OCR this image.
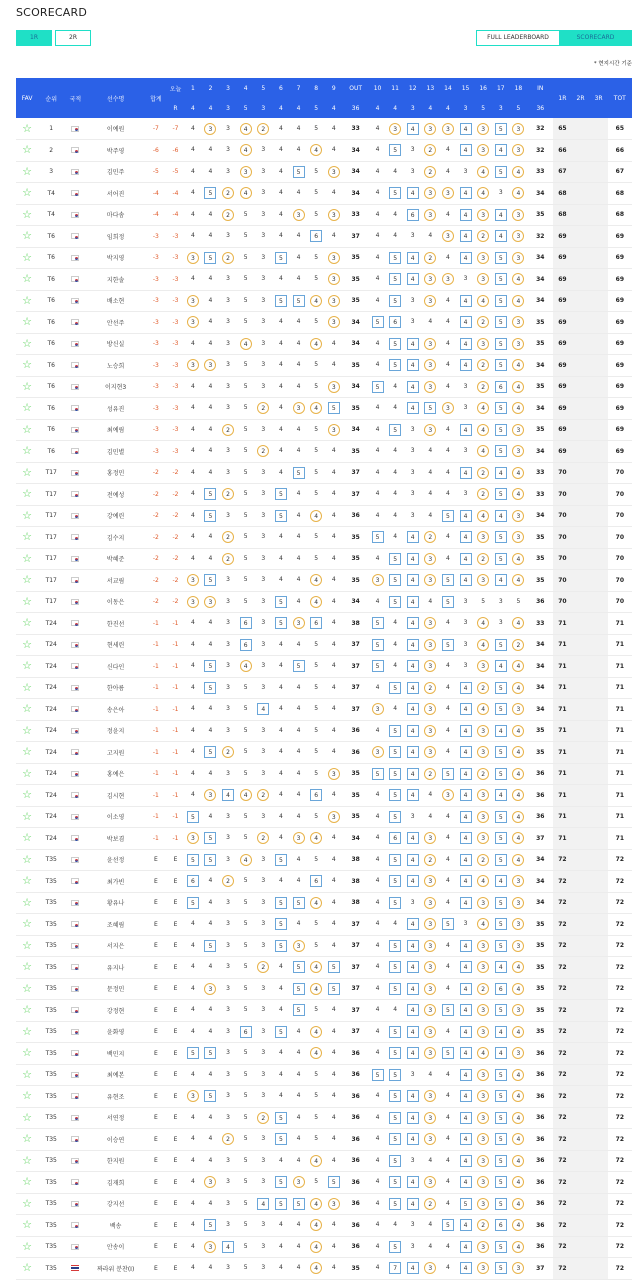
SCORECARD
1R	2R	FULL LEADERBOARD	SCORECARD
* 현지시간 기준
FAV	순위	국적	선수명	합계	오늘	1	2	3	4	5	6	7	8	9	OUT	10	11	12	13	14	15	16	17	18	IN	1R	2R	3R	TOT
					R	4	4	3	5	3	4	4	5	4	36	4	4	3	4	4	3	5	3	5	36				
☆	1		이예원	-7	-7	4	3	3	4	2	4	4	5	4	33	4	3	4	3	3	4	3	5	3	32	65			65
☆	2		박주영	-6	-6	4	4	3	4	3	4	4	4	4	34	4	5	3	2	4	4	3	4	3	32	66			66
☆	3		김민주	-5	-5	4	4	3	3	3	4	5	5	3	34	4	4	3	2	4	3	4	5	4	33	67			67
☆	T4		서어진	-4	-4	4	5	2	4	3	4	4	5	4	34	4	5	4	3	3	4	4	3	4	34	68			68
☆	T4		마다솜	-4	-4	4	4	2	5	3	4	3	5	3	33	4	4	6	3	4	4	3	4	3	35	68			68
☆	T6		임희정	-3	-3	4	4	3	5	3	4	4	6	4	37	4	4	3	4	3	4	2	4	3	32	69			69
☆	T6		박지영	-3	-3	3	5	2	5	3	5	4	5	3	35	4	5	4	2	4	4	3	5	3	34	69			69
☆	T6		지한솔	-3	-3	4	4	3	5	3	4	4	5	3	35	4	5	4	3	3	3	3	5	4	34	69			69
☆	T6		배소현	-3	-3	3	4	3	5	3	5	5	4	3	35	4	5	3	3	4	4	4	5	4	34	69			69
☆	T6		안선주	-3	-3	3	4	3	5	3	4	4	5	3	34	5	6	3	4	4	4	2	5	3	35	69			69
☆	T6		방신실	-3	-3	4	4	3	4	3	4	4	4	4	34	4	5	4	3	4	4	3	5	3	35	69			69
☆	T6		노승희	-3	-3	3	3	3	5	3	4	4	5	4	35	4	5	4	3	4	4	2	5	4	34	69			69
☆	T6		이지현3	-3	-3	4	4	3	5	3	4	4	5	3	34	5	4	4	3	4	3	2	6	4	35	69			69
☆	T6		성유진	-3	-3	4	4	3	5	2	4	3	4	5	35	4	4	4	5	3	3	4	5	4	34	69			69
☆	T6		최예림	-3	-3	4	4	2	5	3	4	4	5	3	34	4	5	3	3	4	4	4	5	3	35	69			69
☆	T6		김민별	-3	-3	4	4	3	5	2	4	4	5	4	35	4	4	3	4	4	3	4	5	3	34	69			69
☆	T17		홍정민	-2	-2	4	4	3	5	3	4	5	5	4	37	4	4	3	4	4	4	2	4	4	33	70			70
☆	T17		전예성	-2	-2	4	5	2	5	3	5	4	5	4	37	4	4	3	4	4	3	2	5	4	33	70			70
☆	T17		강예린	-2	-2	4	5	3	5	3	5	4	4	4	36	4	4	3	4	5	4	4	4	3	34	70			70
☆	T17		김수지	-2	-2	4	4	2	5	3	4	4	5	4	35	5	4	4	2	4	4	3	5	3	35	70			70
☆	T17		박혜준	-2	-2	4	4	2	5	3	4	4	5	4	35	4	5	4	3	4	4	2	5	4	35	70			70
☆	T17		서교림	-2	-2	3	5	3	5	3	4	4	4	4	35	3	5	4	3	5	4	3	4	4	35	70			70
☆	T17		이동은	-2	-2	3	3	3	5	3	5	4	4	4	34	4	5	4	4	5	3	5	3	5	36	70			70
☆	T24		한진선	-1	-1	4	4	3	6	3	5	3	6	4	38	5	4	4	3	4	3	4	3	4	33	71			71
☆	T24		현세린	-1	-1	4	4	3	6	3	4	4	5	4	37	5	4	4	3	5	3	4	5	2	34	71			71
☆	T24		신다인	-1	-1	4	5	3	4	3	4	5	5	4	37	5	4	4	3	4	3	3	4	4	34	71			71
☆	T24		한아름	-1	-1	4	5	3	5	3	4	4	5	4	37	4	5	4	2	4	4	2	5	4	34	71			71
☆	T24		송은아	-1	-1	4	4	3	5	4	4	4	5	4	37	3	4	4	3	4	4	4	5	3	34	71			71
☆	T24		정윤지	-1	-1	4	4	3	5	3	4	4	5	4	36	4	5	4	3	4	4	3	4	4	35	71			71
☆	T24		고지원	-1	-1	4	5	2	5	3	4	4	5	4	36	3	5	4	3	4	4	3	5	4	35	71			71
☆	T24		홍예은	-1	-1	4	4	3	5	3	4	4	5	3	35	5	5	4	2	5	4	2	5	4	36	71			71
☆	T24		김시현	-1	-1	4	3	4	4	2	4	4	6	4	35	4	5	4	4	3	4	3	4	4	36	71			71
☆	T24		이소영	-1	-1	5	4	3	5	3	4	4	5	3	35	4	5	3	4	4	4	3	5	4	36	71			71
☆	T24		박보겸	-1	-1	3	5	3	5	2	4	3	4	4	34	4	6	4	3	4	4	3	5	4	37	71			71
☆	T35		윤선정	E	E	5	5	3	4	3	5	4	5	4	38	4	5	4	2	4	4	2	5	4	34	72			72
☆	T35		최가빈	E	E	6	4	2	5	3	4	4	6	4	38	4	5	4	3	4	4	4	4	3	34	72			72
☆	T35		황유나	E	E	5	4	3	5	3	5	5	4	4	38	4	5	3	3	4	4	3	5	3	34	72			72
☆	T35		조혜림	E	E	4	4	3	5	3	5	4	5	4	37	4	4	4	3	5	3	4	5	3	35	72			72
☆	T35		서지은	E	E	4	5	3	5	3	5	3	5	4	37	4	5	4	3	4	4	3	5	3	35	72			72
☆	T35		유지나	E	E	4	4	3	5	2	4	5	4	5	37	4	5	4	3	4	4	3	4	4	35	72			72
☆	T35		문정민	E	E	4	3	3	5	3	4	5	4	5	37	4	5	4	3	4	4	2	6	4	35	72			72
☆	T35		강정현	E	E	4	4	3	5	3	4	5	5	4	37	4	4	4	3	5	4	3	5	3	35	72			72
☆	T35		윤화영	E	E	4	4	3	6	3	5	4	4	4	37	4	5	4	3	4	4	3	4	4	35	72			72
☆	T35		백민지	E	E	5	5	3	5	3	4	4	4	4	36	4	5	4	3	5	4	4	4	3	36	72			72
☆	T35		최예본	E	E	4	4	3	5	3	4	4	5	4	36	5	5	3	4	4	4	3	5	4	36	72			72
☆	T35		유현조	E	E	3	5	3	5	3	4	4	5	4	36	4	5	4	3	4	4	3	5	4	36	72			72
☆	T35		서연정	E	E	4	4	3	5	2	5	4	5	4	36	4	5	4	3	4	4	3	5	4	36	72			72
☆	T35		이승연	E	E	4	4	2	5	3	5	4	5	4	36	4	5	4	3	4	4	3	5	4	36	72			72
☆	T35		한지원	E	E	4	4	3	5	3	4	4	4	4	36	4	5	3	4	4	4	3	5	4	36	72			72
☆	T35		김재희	E	E	4	3	3	5	3	5	3	5	5	36	4	5	4	3	4	4	3	5	4	36	72			72
☆	T35		강지선	E	E	4	4	3	5	4	5	5	4	3	36	4	5	4	2	4	5	3	5	4	36	72			72
☆	T35		백송	E	E	4	5	3	5	3	4	4	4	4	36	4	4	3	4	5	4	2	6	4	36	72			72
☆	T35		안송이	E	E	4	3	4	5	3	4	4	4	4	36	4	5	3	4	4	4	3	5	4	36	72			72
☆	T35		짜라위 분찬(I)	E	E	4	4	3	5	3	4	4	4	4	35	4	7	4	3	4	4	3	5	3	37	72			72
